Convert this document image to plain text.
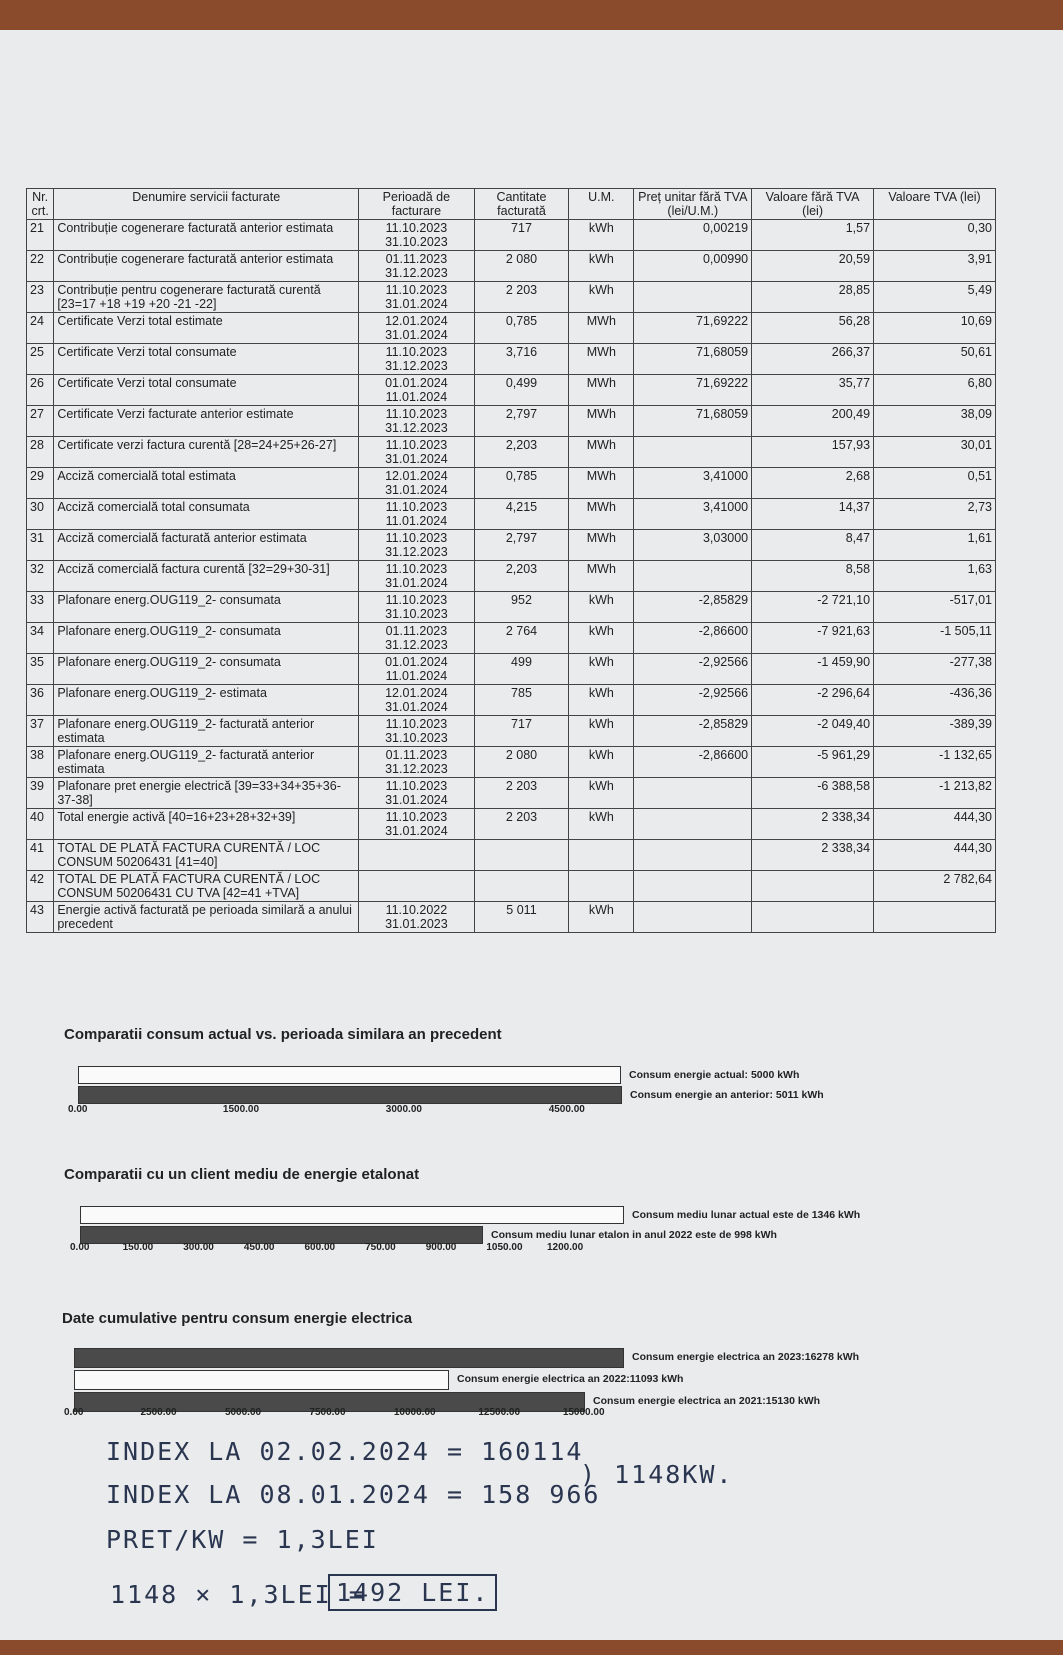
Nr. crt.	Denumire servicii facturate	Perioadă de facturare	Cantitate facturată	U.M.	Preț unitar fără TVA (lei/U.M.)	Valoare fără TVA (lei)	Valoare TVA (lei)
21	Contribuție cogenerare facturată anterior estimata	11.10.2023 31.10.2023	717	kWh	0,00219	1,57	0,30
22	Contribuție cogenerare facturată anterior estimata	01.11.2023 31.12.2023	2 080	kWh	0,00990	20,59	3,91
23	Contribuție pentru cogenerare facturată curentă [23=17 +18 +19 +20 -21 -22]	11.10.2023 31.01.2024	2 203	kWh		28,85	5,49
24	Certificate Verzi total estimate	12.01.2024 31.01.2024	0,785	MWh	71,69222	56,28	10,69
25	Certificate Verzi total consumate	11.10.2023 31.12.2023	3,716	MWh	71,68059	266,37	50,61
26	Certificate Verzi total consumate	01.01.2024 11.01.2024	0,499	MWh	71,69222	35,77	6,80
27	Certificate Verzi facturate anterior estimate	11.10.2023 31.12.2023	2,797	MWh	71,68059	200,49	38,09
28	Certificate verzi factura curentă [28=24+25+26-27]	11.10.2023 31.01.2024	2,203	MWh		157,93	30,01
29	Acciză comercială total estimata	12.01.2024 31.01.2024	0,785	MWh	3,41000	2,68	0,51
30	Acciză comercială total consumata	11.10.2023 11.01.2024	4,215	MWh	3,41000	14,37	2,73
31	Acciză comercială facturată anterior estimata	11.10.2023 31.12.2023	2,797	MWh	3,03000	8,47	1,61
32	Acciză comercială factura curentă [32=29+30-31]	11.10.2023 31.01.2024	2,203	MWh		8,58	1,63
33	Plafonare energ.OUG119_2- consumata	11.10.2023 31.10.2023	952	kWh	-2,85829	-2 721,10	-517,01
34	Plafonare energ.OUG119_2- consumata	01.11.2023 31.12.2023	2 764	kWh	-2,86600	-7 921,63	-1 505,11
35	Plafonare energ.OUG119_2- consumata	01.01.2024 11.01.2024	499	kWh	-2,92566	-1 459,90	-277,38
36	Plafonare energ.OUG119_2- estimata	12.01.2024 31.01.2024	785	kWh	-2,92566	-2 296,64	-436,36
37	Plafonare energ.OUG119_2- facturată anterior estimata	11.10.2023 31.10.2023	717	kWh	-2,85829	-2 049,40	-389,39
38	Plafonare energ.OUG119_2- facturată anterior estimata	01.11.2023 31.12.2023	2 080	kWh	-2,86600	-5 961,29	-1 132,65
39	Plafonare pret energie electrică [39=33+34+35+36-37-38]	11.10.2023 31.01.2024	2 203	kWh		-6 388,58	-1 213,82
40	Total energie activă [40=16+23+28+32+39]	11.10.2023 31.01.2024	2 203	kWh		2 338,34	444,30
41	TOTAL DE PLATĂ FACTURA CURENTĂ / LOC CONSUM 50206431 [41=40]					2 338,34	444,30
42	TOTAL DE PLATĂ FACTURA CURENTĂ / LOC CONSUM 50206431 CU TVA [42=41 +TVA]						2 782,64
43	Energie activă facturată pe perioada similară a anului precedent	11.10.2022 31.01.2023	5 011	kWh			
Comparatii consum actual vs. perioada similara an precedent
Consum energie actual: 5000 kWh
Consum energie an anterior: 5011 kWh
0.00	1500.00	3000.00	4500.00
Comparatii cu un client mediu de energie etalonat
Consum mediu lunar actual este de 1346 kWh
Consum mediu lunar etalon in anul 2022 este de 998 kWh
0.00	150.00	300.00	450.00	600.00	750.00	900.00	1050.00 1200.00
Date cumulative pentru consum energie electrica
Consum energie electrica an 2023:16278 kWh
Consum energie electrica an 2022:11093 kWh
Consum energie electrica an 2021:15130 kWh
0.00	2500.00	5000.00	7500.00	10000.00	12500.00	15000.00
INDEX LA 02.02.2024 = 160114
INDEX LA 08.01.2024 = 158 966
) 1148KW.
PRET/KW = 1,3LEI
1148 × 1,3LEI =
1492 LEI.
